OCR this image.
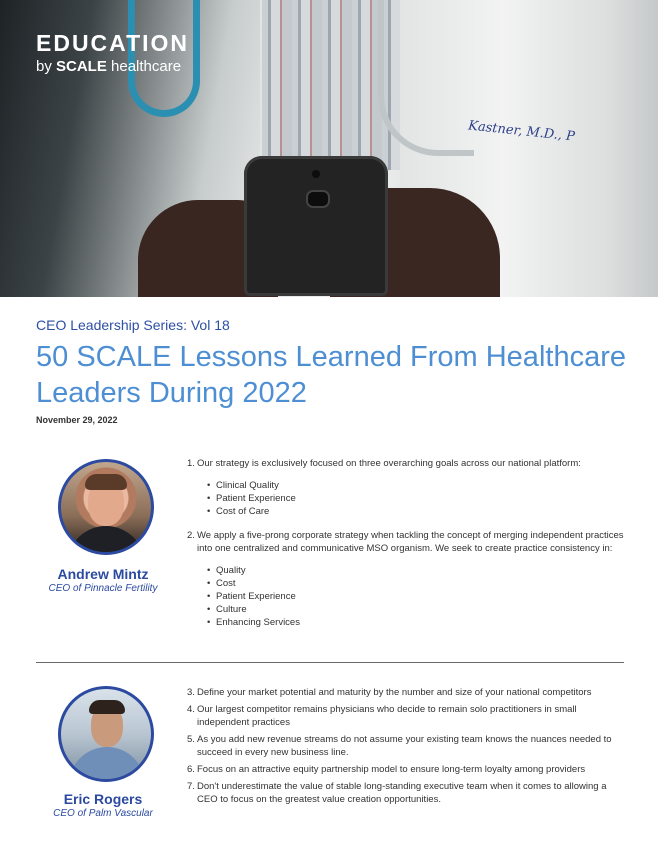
Kastner, M.D., P
EDUCATION
by SCALE healthcare
CEO Leadership Series: Vol 18
50 SCALE Lessons Learned From Healthcare Leaders During 2022
November 29, 2022
Andrew Mintz
CEO of Pinnacle Fertility
1. Our strategy is exclusively focused on three overarching goals across our national platform:
• Clinical Quality
• Patient Experience
• Cost of Care
2. We apply a five-prong corporate strategy when tackling the concept of merging independent practices into one centralized and communicative MSO organism. We seek to create practice consistency in:
• Quality
• Cost
• Patient Experience
• Culture
• Enhancing Services
Eric Rogers
CEO of Palm Vascular
3. Define your market potential and maturity by the number and size of your national competitors
4. Our largest competitor remains physicians who decide to remain solo practitioners in small independent practices
5. As you add new revenue streams do not assume your existing team knows the nuances needed to succeed in every new business line.
6. Focus on an attractive equity partnership model to ensure long-term loyalty among providers
7. Don't underestimate the value of stable long-standing executive team when it comes to allowing a CEO to focus on the greatest value creation opportunities.
